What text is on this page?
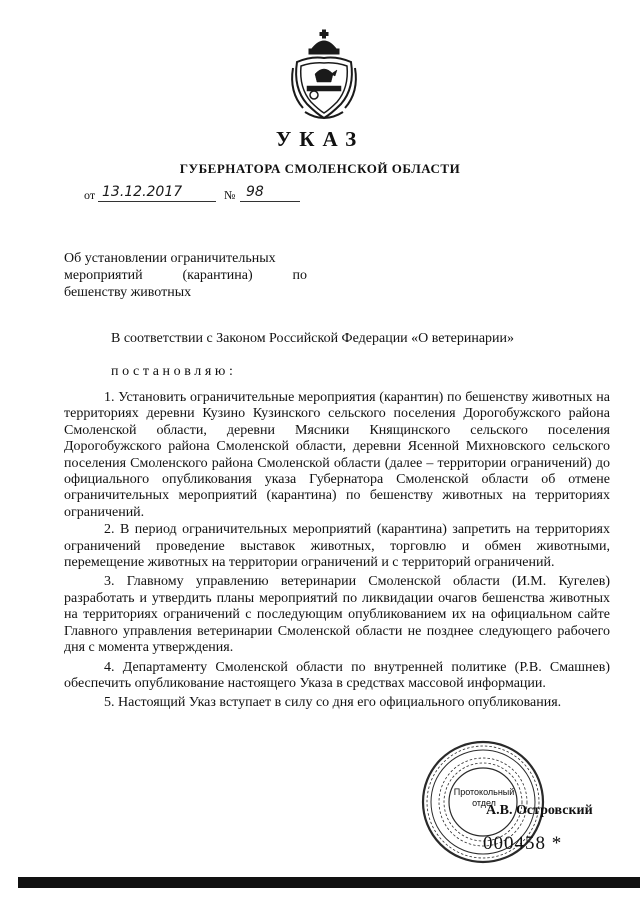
УКАЗ
ГУБЕРНАТОРА СМОЛЕНСКОЙ ОБЛАСТИ
от 13.12.2017	№ 98
Об установлении ограничительных
мероприятий	(карантина)	по
бешенству животных
В соответствии с Законом Российской Федерации «О ветеринарии»
постановляю:

1. Установить ограничительные мероприятия (карантин) по бешенству животных на территориях деревни Кузино Кузинского сельского поселения Дорогобужского района Смоленской области, деревни Мясники Княщинского сельского поселения Дорогобужского района Смоленской области, деревни Ясенной Михновского сельского поселения Смоленского района Смоленской области (далее – территории ограничений) до официального опубликования указа Губернатора Смоленской области об отмене ограничительных мероприятий (карантина) по бешенству животных на территориях ограничений.

2. В период ограничительных мероприятий (карантина) запретить на территориях ограничений проведение выставок животных, торговлю и обмен животными, перемещение животных на территории ограничений и с территорий ограничений.

3. Главному управлению ветеринарии Смоленской области (И.М. Кугелев) разработать и утвердить планы мероприятий по ликвидации очагов бешенства животных на территориях ограничений с последующим опубликованием их на официальном сайте Главного управления ветеринарии Смоленской области не позднее следующего рабочего дня с момента утверждения.

4. Департаменту Смоленской области по внутренней политике (Р.В. Смашнев) обеспечить опубликование настоящего Указа в средствах массовой информации.

5. Настоящий Указ вступает в силу со дня его официального опубликования.

Протокольный отдел
А.В. Островский
000458 *
